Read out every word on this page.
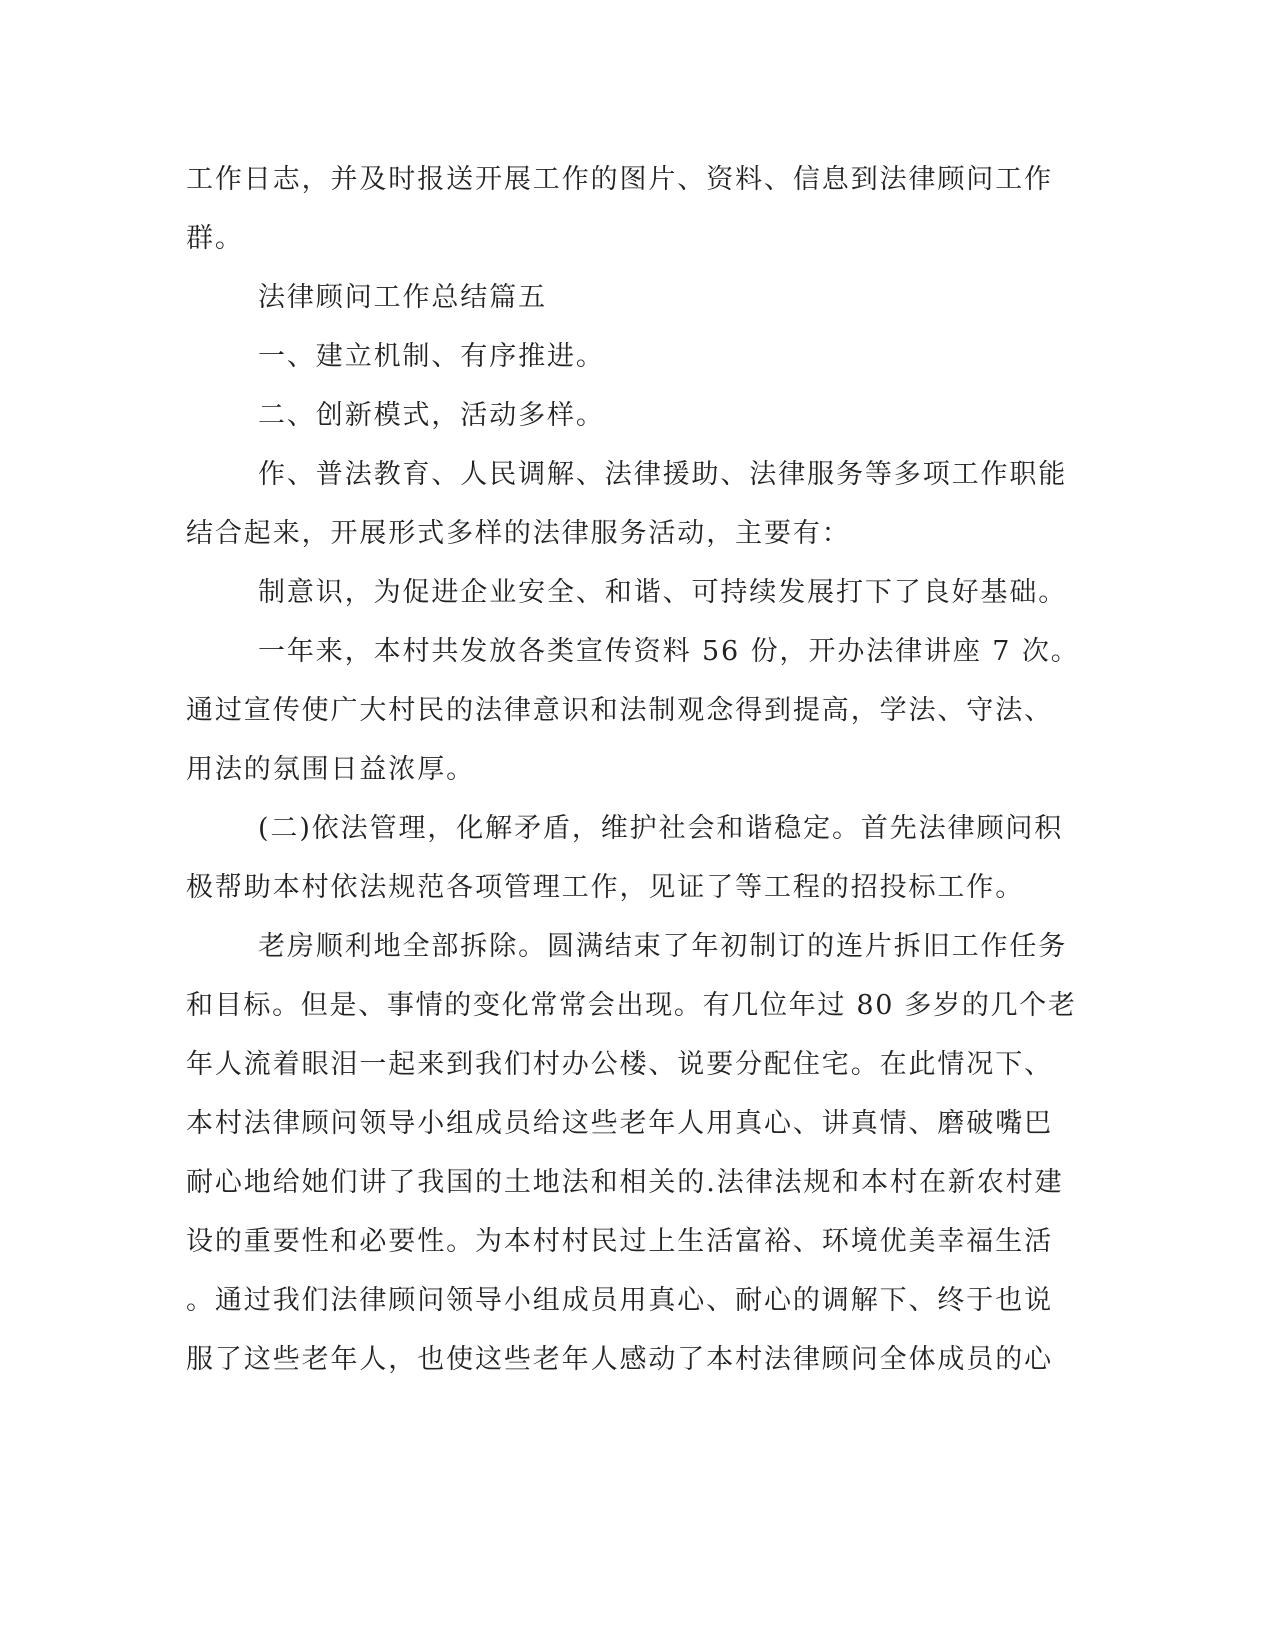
工作日志，并及时报送开展工作的图片、资料、信息到法律顾问工作
群。
法律顾问工作总结篇五
一、建立机制、有序推进。
二、创新模式，活动多样。
作、普法教育、人民调解、法律援助、法律服务等多项工作职能
结合起来，开展形式多样的法律服务活动，主要有：
制意识，为促进企业安全、和谐、可持续发展打下了良好基础。
一年来，本村共发放各类宣传资料 56 份，开办法律讲座 7 次。
通过宣传使广大村民的法律意识和法制观念得到提高，学法、守法、
用法的氛围日益浓厚。
(二)依法管理，化解矛盾，维护社会和谐稳定。首先法律顾问积
极帮助本村依法规范各项管理工作，见证了等工程的招投标工作。
老房顺利地全部拆除。圆满结束了年初制订的连片拆旧工作任务
和目标。但是、事情的变化常常会出现。有几位年过 80 多岁的几个老
年人流着眼泪一起来到我们村办公楼、说要分配住宅。在此情况下、
本村法律顾问领导小组成员给这些老年人用真心、讲真情、磨破嘴巴
耐心地给她们讲了我国的土地法和相关的.法律法规和本村在新农村建
设的重要性和必要性。为本村村民过上生活富裕、环境优美幸福生活
。通过我们法律顾问领导小组成员用真心、耐心的调解下、终于也说
服了这些老年人，也使这些老年人感动了本村法律顾问全体成员的心
